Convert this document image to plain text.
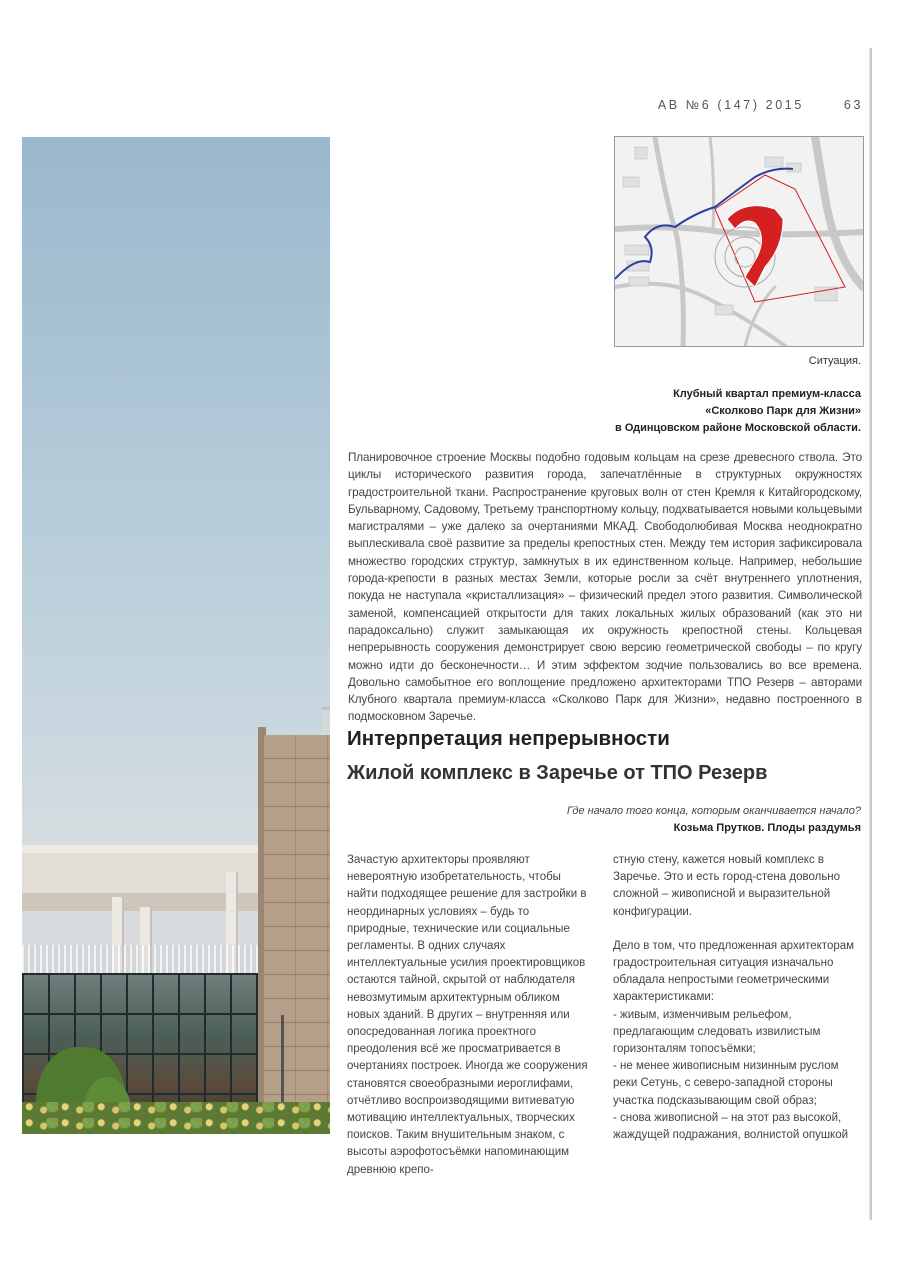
АВ №6 (147) 2015	63
Ситуация.
Клубный квартал премиум-класса
«Сколково Парк для Жизни»
в Одинцовском районе Московской области.

Планировочное строение Москвы подобно годовым кольцам на срезе древесного ствола. Это циклы исторического развития города, запечатлённые в структурных окружностях градостроительной ткани. Распространение круговых волн от стен Кремля к Китайгородскому, Бульварному, Садовому, Третьему транспортному кольцу, подхватывается новыми кольцевыми магистралями – уже далеко за очертаниями МКАД. Свободолюбивая Москва неоднократно выплескивала своё развитие за пределы крепостных стен. Между тем история зафиксировала множество городских структур, замкнутых в их единственном кольце. Например, небольшие города-крепости в разных местах Земли, которые росли за счёт внутреннего уплотнения, покуда не наступала «кристаллизация» – физический предел этого развития. Символической заменой, компенсацией открытости для таких локальных жилых образований (как это ни парадоксально) служит замыкающая их окружность крепостной стены. Кольцевая непрерывность сооружения демонстрирует свою версию геометрической свободы – по кругу можно идти до бесконечности… И этим эффектом зодчие пользовались во все времена. Довольно самобытное его воплощение предложено архитекторами ТПО Резерв – авторами Клубного квартала премиум-класса «Сколково Парк для Жизни», недавно построенного в подмосковном Заречье.

Интерпретация непрерывности
Жилой комплекс в Заречье от ТПО Резерв
Где начало того конца, которым оканчивается начало?
Козьма Прутков. Плоды раздумья

Зачастую архитекторы проявляют невероятную изобретательность, чтобы найти подходящее решение для застройки в неординарных условиях – будь то природные, технические или социальные регламенты. В одних случаях интеллектуальные усилия проектировщиков остаются тайной, скрытой от наблюдателя невозмутимым архитектурным обликом новых зданий. В других – внутренняя или опосредованная логика проектного преодоления всё же просматривается в очертаниях построек. Иногда же сооружения становятся своеобразными иероглифами, отчётливо воспроизводящими витиеватую мотивацию интеллектуальных, творческих поисков. Таким внушительным знаком, с высоты аэрофотосъёмки напоминающим древнюю крепо-

стную стену, кажется новый комплекс в Заречье. Это и есть город-стена довольно сложной – живописной и выразительной конфигурации.

Дело в том, что предложенная архитекторам градостроительная ситуация изначально обладала непростыми геометрическими характеристиками:

- живым, изменчивым рельефом, предлагающим следовать извилистым горизонталям топосъёмки;

- не менее живописным низинным руслом реки Сетунь, с северо-западной стороны участка подсказывающим свой образ;

- снова живописной – на этот раз высокой, жаждущей подражания, волнистой опушкой
